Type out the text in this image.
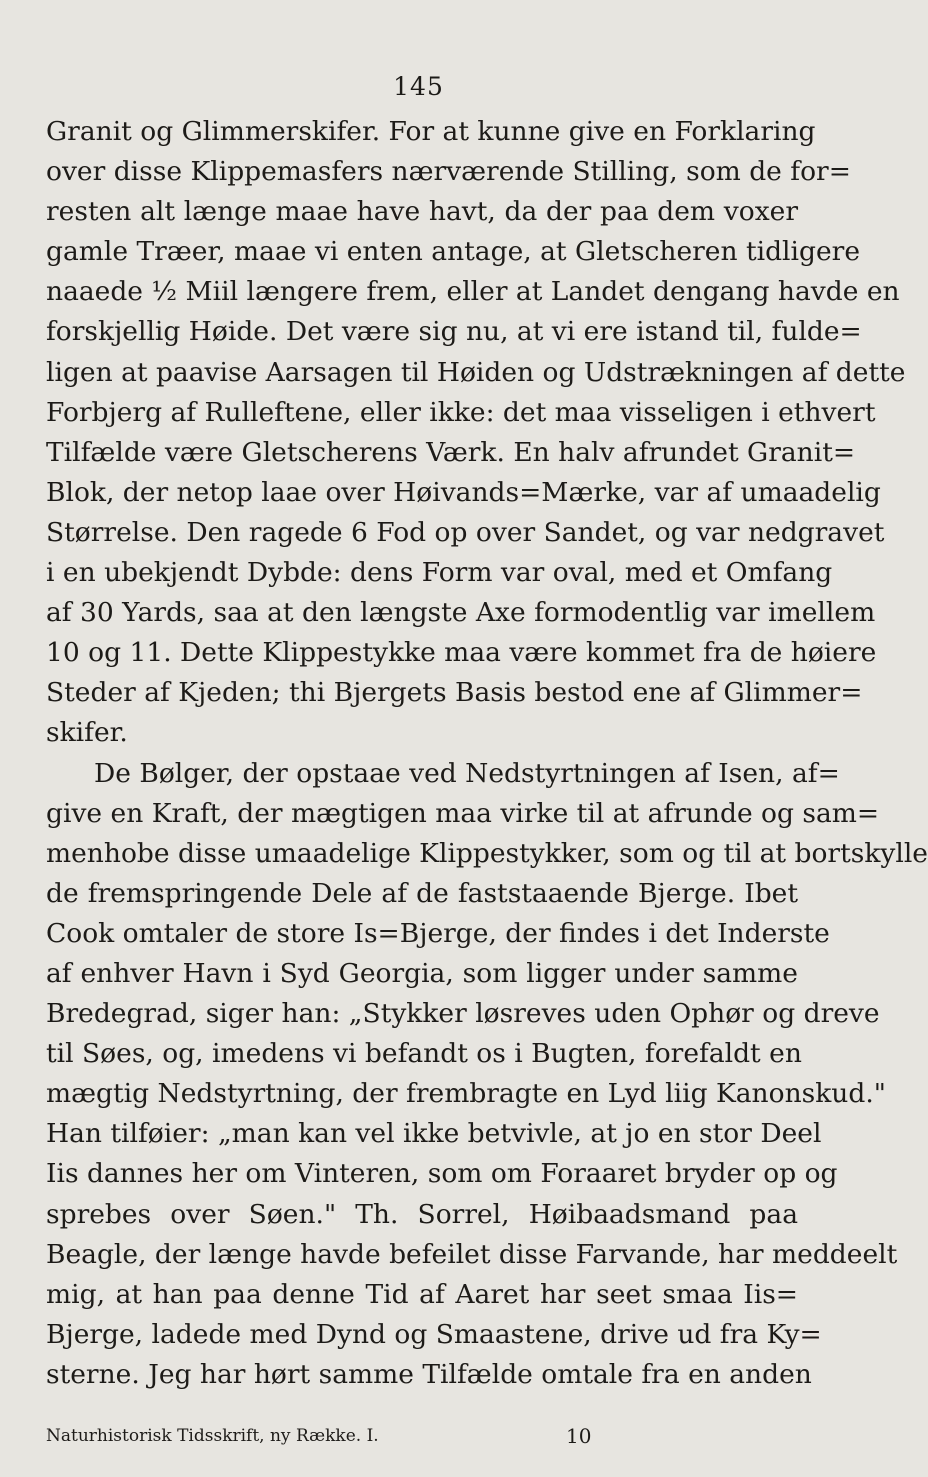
145
Granit og Glimmerskifer. For at kunne give en Forklaring
over disse Klippemasfers nærværende Stilling, som de for=
resten alt længe maae have havt, da der paa dem voxer
gamle Træer, maae vi enten antage, at Gletscheren tidligere
naaede ½ Miil længere frem, eller at Landet dengang havde en
forskjellig Høide. Det være sig nu, at vi ere istand til, fulde=
ligen at paavise Aarsagen til Høiden og Udstrækningen af dette
Forbjerg af Rulleftene, eller ikke: det maa visseligen i ethvert
Tilfælde være Gletscherens Værk. En halv afrundet Granit=
Blok, der netop laae over Høivands=Mærke, var af umaadelig
Størrelse. Den ragede 6 Fod op over Sandet, og var nedgravet
i en ubekjendt Dybde: dens Form var oval, med et Omfang
af 30 Yards, saa at den længste Axe formodentlig var imellem
10 og 11. Dette Klippestykke maa være kommet fra de høiere
Steder af Kjeden; thi Bjergets Basis bestod ene af Glimmer=
skifer.
De Bølger, der opstaae ved Nedstyrtningen af Isen, af=
give en Kraft, der mægtigen maa virke til at afrunde og sam=
menhobe disse umaadelige Klippestykker, som og til at bortskylle
de fremspringende Dele af de faststaaende Bjerge. Ibet
Cook omtaler de store Is=Bjerge, der findes i det Inderste
af enhver Havn i Syd Georgia, som ligger under samme
Bredegrad, siger han: „Stykker løsreves uden Ophør og dreve
til Søes, og, imedens vi befandt os i Bugten, forefaldt en
mægtig Nedstyrtning, der frembragte en Lyd liig Kanonskud."
Han tilføier: „man kan vel ikke betvivle, at jo en stor Deel
Iis dannes her om Vinteren, som om Foraaret bryder op og
sprebes over Søen." Th. Sorrel, Høibaadsmand paa
Beagle, der længe havde befeilet disse Farvande, har meddeelt
mig, at han paa denne Tid af Aaret har seet smaa Iis=
Bjerge, ladede med Dynd og Smaastene, drive ud fra Ky=
sterne. Jeg har hørt samme Tilfælde omtale fra en anden
Naturhistorisk Tidsskrift, ny Række. I.	10
